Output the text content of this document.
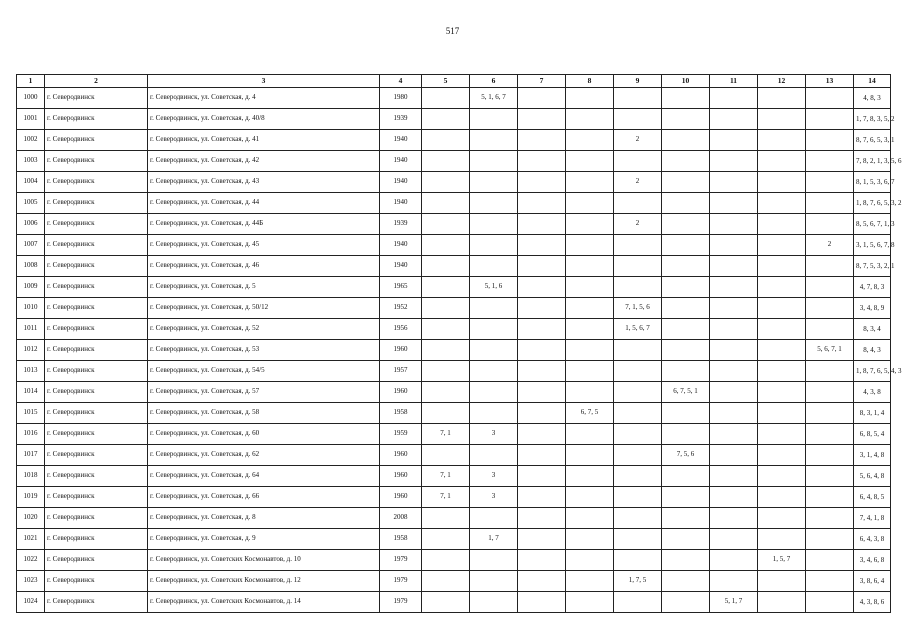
517
1	2	3	4	5	6	7	8	9	10	11	12	13	14
1000	г. Северодвинск	г. Северодвинск, ул. Советская, д. 4	1980		5, 1, 6, 7								4, 8, 3
1001	г. Северодвинск	г. Северодвинск, ул. Советская, д. 40/8	1939										1, 7, 8, 3, 5, 2
1002	г. Северодвинск	г. Северодвинск, ул. Советская, д. 41	1940					2					8, 7, 6, 5, 3, 1
1003	г. Северодвинск	г. Северодвинск, ул. Советская, д. 42	1940										7, 8, 2, 1, 3, 5, 6
1004	г. Северодвинск	г. Северодвинск, ул. Советская, д. 43	1940					2					8, 1, 5, 3, 6, 7
1005	г. Северодвинск	г. Северодвинск, ул. Советская, д. 44	1940										1, 8, 7, 6, 5, 3, 2
1006	г. Северодвинск	г. Северодвинск, ул. Советская, д. 44Б	1939					2					8, 5, 6, 7, 1, 3
1007	г. Северодвинск	г. Северодвинск, ул. Советская, д. 45	1940									2	3, 1, 5, 6, 7, 8
1008	г. Северодвинск	г. Северодвинск, ул. Советская, д. 46	1940										8, 7, 5, 3, 2, 1
1009	г. Северодвинск	г. Северодвинск, ул. Советская, д. 5	1965		5, 1, 6								4, 7, 8, 3
1010	г. Северодвинск	г. Северодвинск, ул. Советская, д. 50/12	1952					7, 1, 5, 6					3, 4, 8, 9
1011	г. Северодвинск	г. Северодвинск, ул. Советская, д. 52	1956					1, 5, 6, 7					8, 3, 4
1012	г. Северодвинск	г. Северодвинск, ул. Советская, д. 53	1960									5, 6, 7, 1	8, 4, 3
1013	г. Северодвинск	г. Северодвинск, ул. Советская, д. 54/5	1957										1, 8, 7, 6, 5, 4, 3
1014	г. Северодвинск	г. Северодвинск, ул. Советская, д. 57	1960						6, 7, 5, 1				4, 3, 8
1015	г. Северодвинск	г. Северодвинск, ул. Советская, д. 58	1958				6, 7, 5						8, 3, 1, 4
1016	г. Северодвинск	г. Северодвинск, ул. Советская, д. 60	1959	7, 1	3								6, 8, 5, 4
1017	г. Северодвинск	г. Северодвинск, ул. Советская, д. 62	1960						7, 5, 6				3, 1, 4, 8
1018	г. Северодвинск	г. Северодвинск, ул. Советская, д. 64	1960	7, 1	3								5, 6, 4, 8
1019	г. Северодвинск	г. Северодвинск, ул. Советская, д. 66	1960	7, 1	3								6, 4, 8, 5
1020	г. Северодвинск	г. Северодвинск, ул. Советская, д. 8	2008										7, 4, 1, 8
1021	г. Северодвинск	г. Северодвинск, ул. Советская, д. 9	1958		1, 7								6, 4, 3, 8
1022	г. Северодвинск	г. Северодвинск, ул. Советских Космонавтов, д. 10	1979								1, 5, 7		3, 4, 6, 8
1023	г. Северодвинск	г. Северодвинск, ул. Советских Космонавтов, д. 12	1979					1, 7, 5					3, 8, 6, 4
1024	г. Северодвинск	г. Северодвинск, ул. Советских Космонавтов, д. 14	1979							5, 1, 7			4, 3, 8, 6
